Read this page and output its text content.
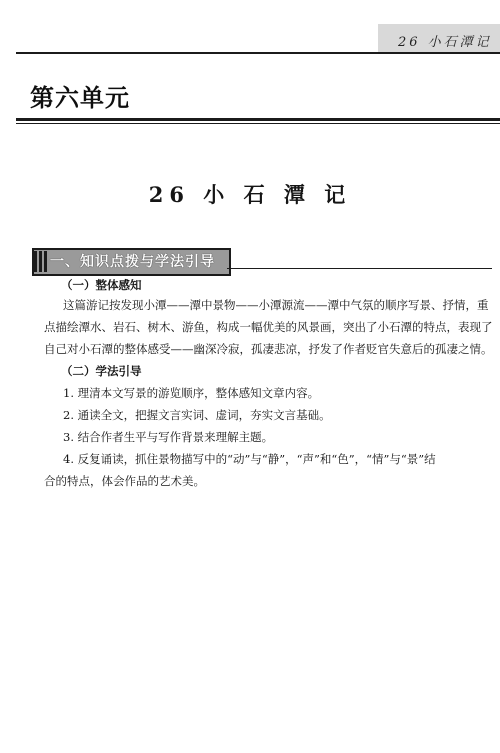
26 小石潭记
第六单元
26 小 石 潭 记
一、知识点拨与学法引导
（一）整体感知
这篇游记按发现小潭——潭中景物——小潭源流——潭中气氛的顺序写景、抒情，重
点描绘潭水、岩石、树木、游鱼，构成一幅优美的风景画，突出了小石潭的特点，表现了
自己对小石潭的整体感受——幽深冷寂，孤凄悲凉，抒发了作者贬官失意后的孤凄之情。
（二）学法引导
1. 理清本文写景的游览顺序，整体感知文章内容。
2. 通读全文，把握文言实词、虚词，夯实文言基础。
3. 结合作者生平与写作背景来理解主题。
4. 反复诵读，抓住景物描写中的“动”与“静”，“声”和“色”，“情”与“景”结
合的特点，体会作品的艺术美。
